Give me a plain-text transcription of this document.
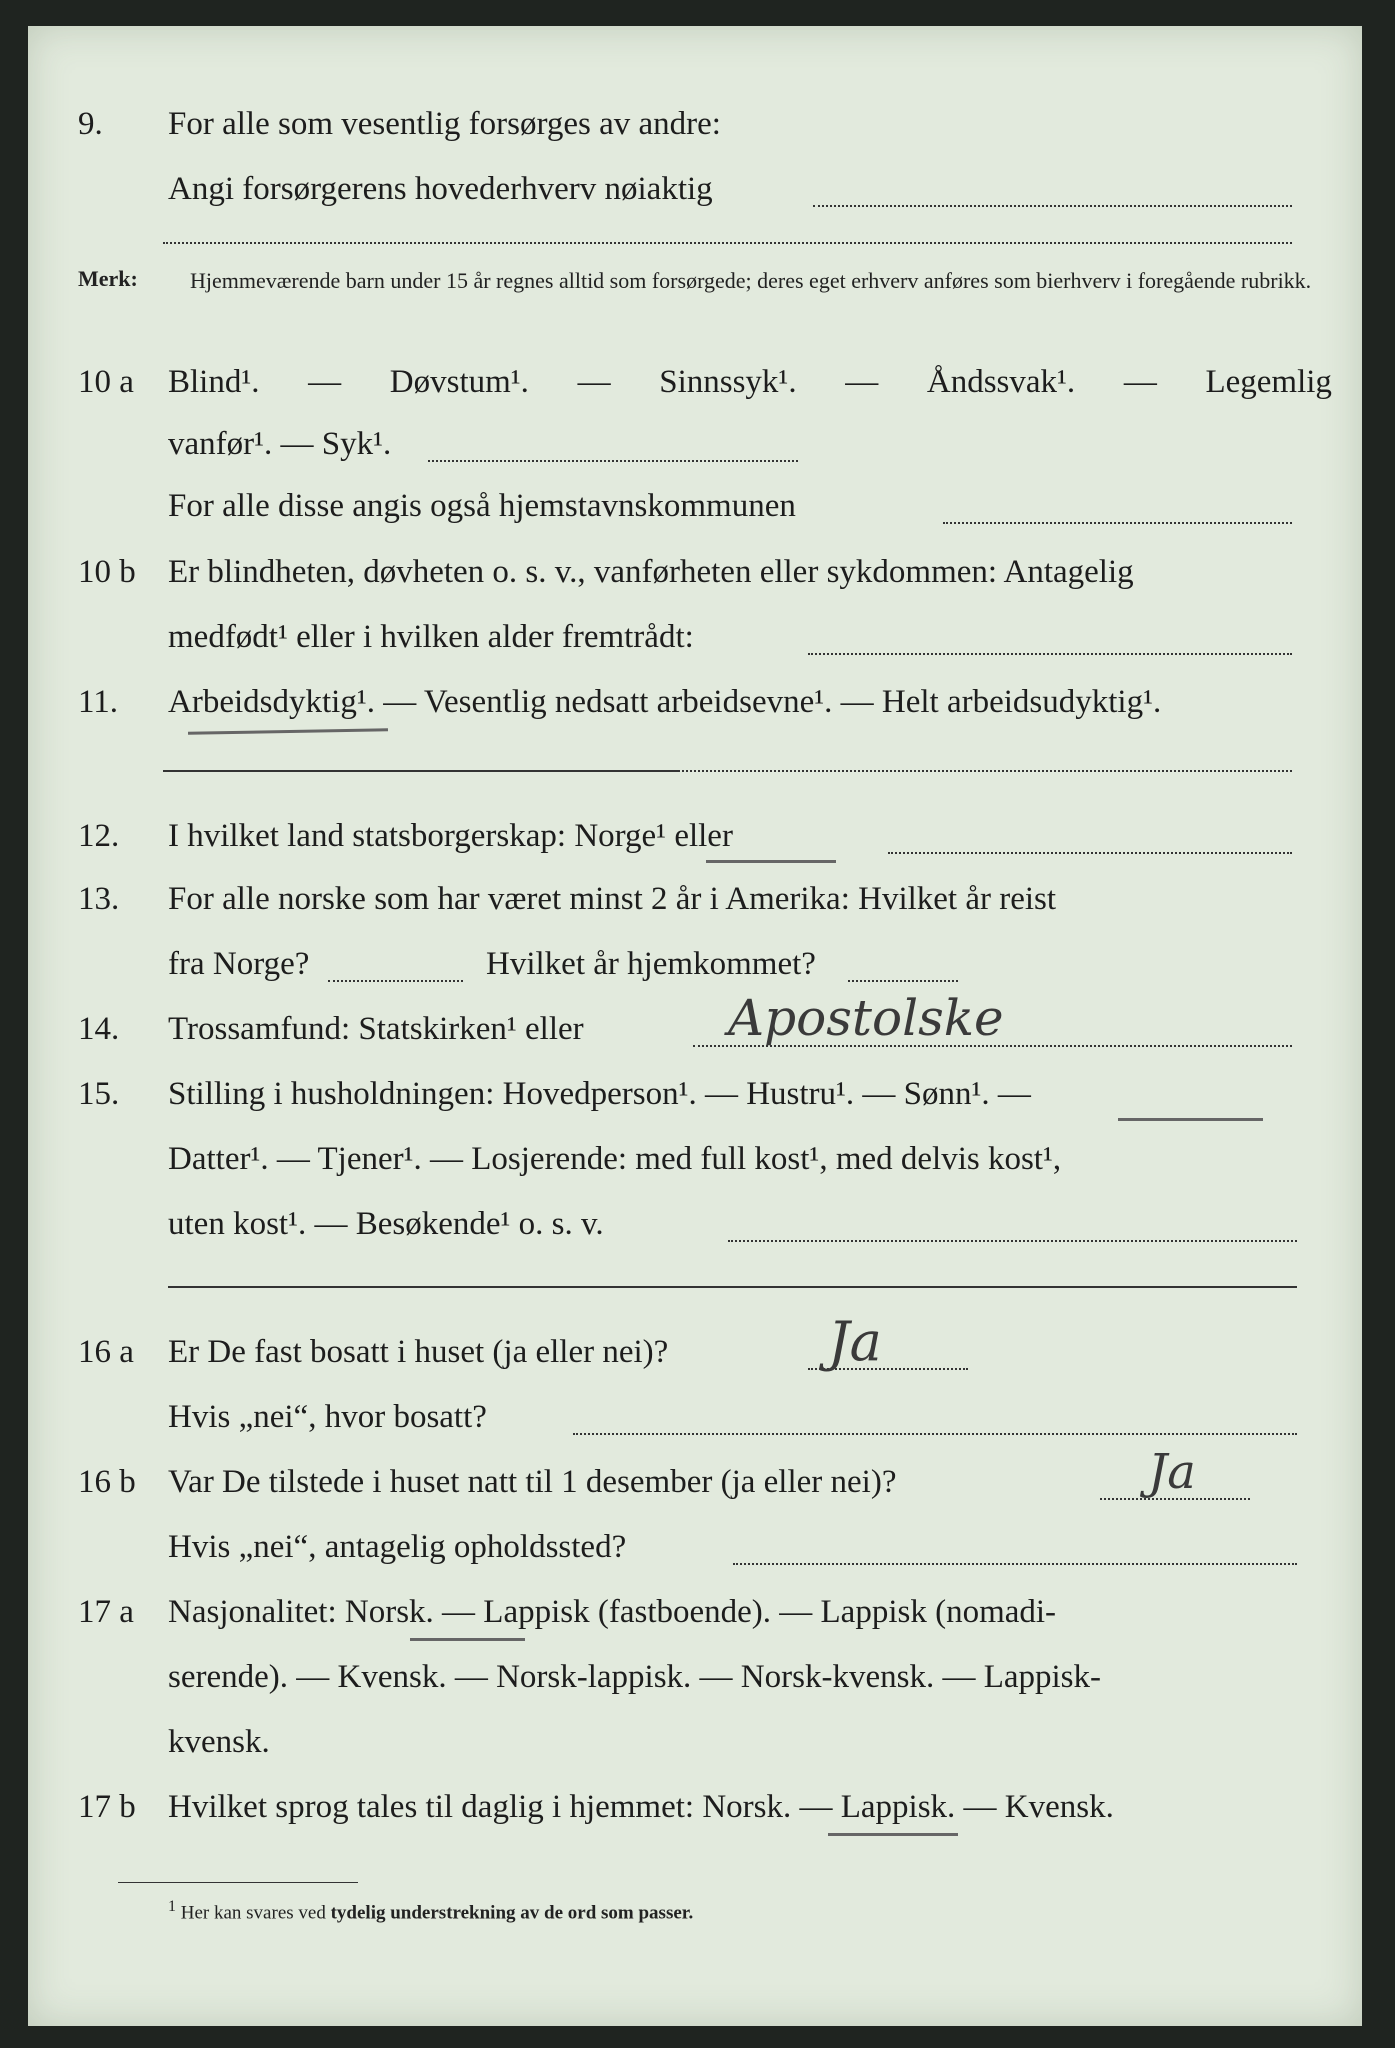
9.	For alle som vesentlig forsørges av andre:
Angi forsørgerens hovederhverv nøiaktig
Merk: Hjemmeværende barn under 15 år regnes alltid som forsørgede; deres eget erhverv anføres som bierhverv i foregående rubrikk.
10 a	Blind¹. — Døvstum¹. — Sinnssyk¹. — Åndssvak¹. — Legemlig
vanfør¹. — Syk¹.
For alle disse angis også hjemstavnskommunen
10 b Er blindheten, døvheten o. s. v., vanførheten eller sykdommen: Antagelig
medfødt¹ eller i hvilken alder fremtrådt:
11.	Arbeidsdyktig¹. — Vesentlig nedsatt arbeidsevne¹. — Helt arbeidsudyktig¹.
12.	I hvilket land statsborgerskap: Norge¹ eller
13.	For alle norske som har været minst 2 år i Amerika: Hvilket år reist
fra Norge?	Hvilket år hjemkommet?
14.	Trossamfund: Statskirken¹ eller	Apostolske
15.	Stilling i husholdningen: Hovedperson¹. — Hustru¹. — Sønn¹. —
Datter¹. — Tjener¹. — Losjerende: med full kost¹, med delvis kost¹,
uten kost¹. — Besøkende¹ o. s. v.
16 a	Er De fast bosatt i huset (ja eller nei)?	Ja
Hvis „nei“, hvor bosatt?
16 b Var De tilstede i huset natt til 1 desember (ja eller nei)?	Ja
Hvis „nei“, antagelig opholdssted?
17 a	Nasjonalitet: Norsk. — Lappisk (fastboende). — Lappisk (nomadi-
serende). — Kvensk. — Norsk-lappisk. — Norsk-kvensk. — Lappisk-
kvensk.
17 b Hvilket sprog tales til daglig i hjemmet: Norsk. — Lappisk. — Kvensk.
$^1$ Her kan svares ved tydelig understrekning av de ord som passer.
